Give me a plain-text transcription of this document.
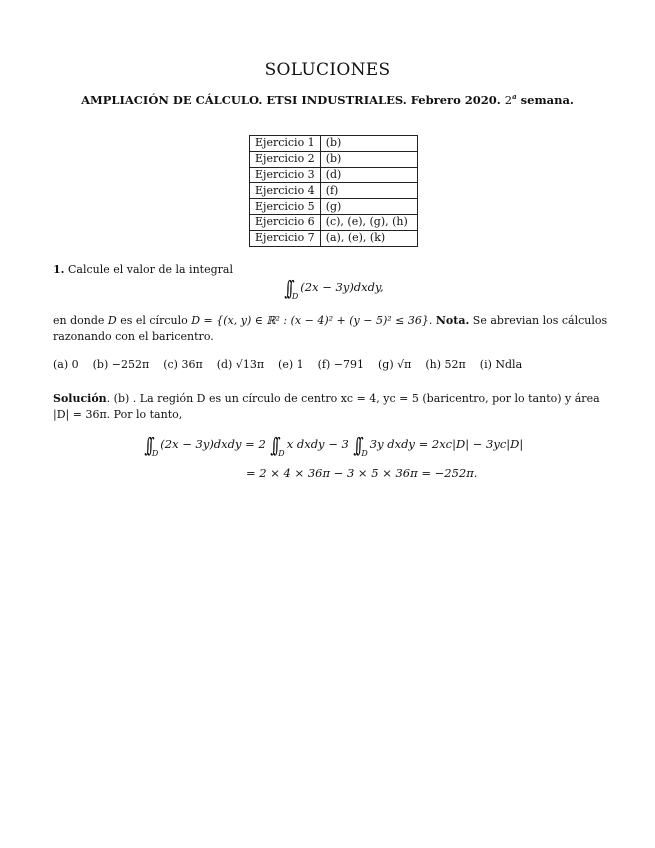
SOLUCIONES
AMPLIACIÓN DE CÁLCULO. ETSI INDUSTRIALES. Febrero 2020. 2$^a$ semana.
Ejercicio 1	(b)
Ejercicio 2	(b)
Ejercicio 3	(d)
Ejercicio 4	(f)
Ejercicio 5	(g)
Ejercicio 6	(c), (e), (g), (h)
Ejercicio 7	(a), (e), (k)
1. Calcule el valor de la integral
$\int\int_D(2x$ − 3y)dxdy,
en donde D es el círculo D = {(x, y) ∈ ℝ² : (x − 4)² + (y − 5)² ≤ 36}. Nota. Se abrevian los cálculos razonando con el baricentro.
(a) 0 (b) −252π (c) 36π (d) √13π (e) 1 (f) −791 (g) √π (h) 52π (i) Ndla
Solución. (b) . La región D es un círculo de centro xc = 4, yc = 5 (baricentro, por lo tanto) y área |D| = 36π. Por lo tanto,
$\int\int_D(2x$ − 3y)dxdy = 2 $\int\int_Dx$ dxdy − 3 $\int\int_D3y$ dxdy = 2xc|D| − 3yc|D|
= 2 × 4 × 36π − 3 × 5 × 36π = −252π.
